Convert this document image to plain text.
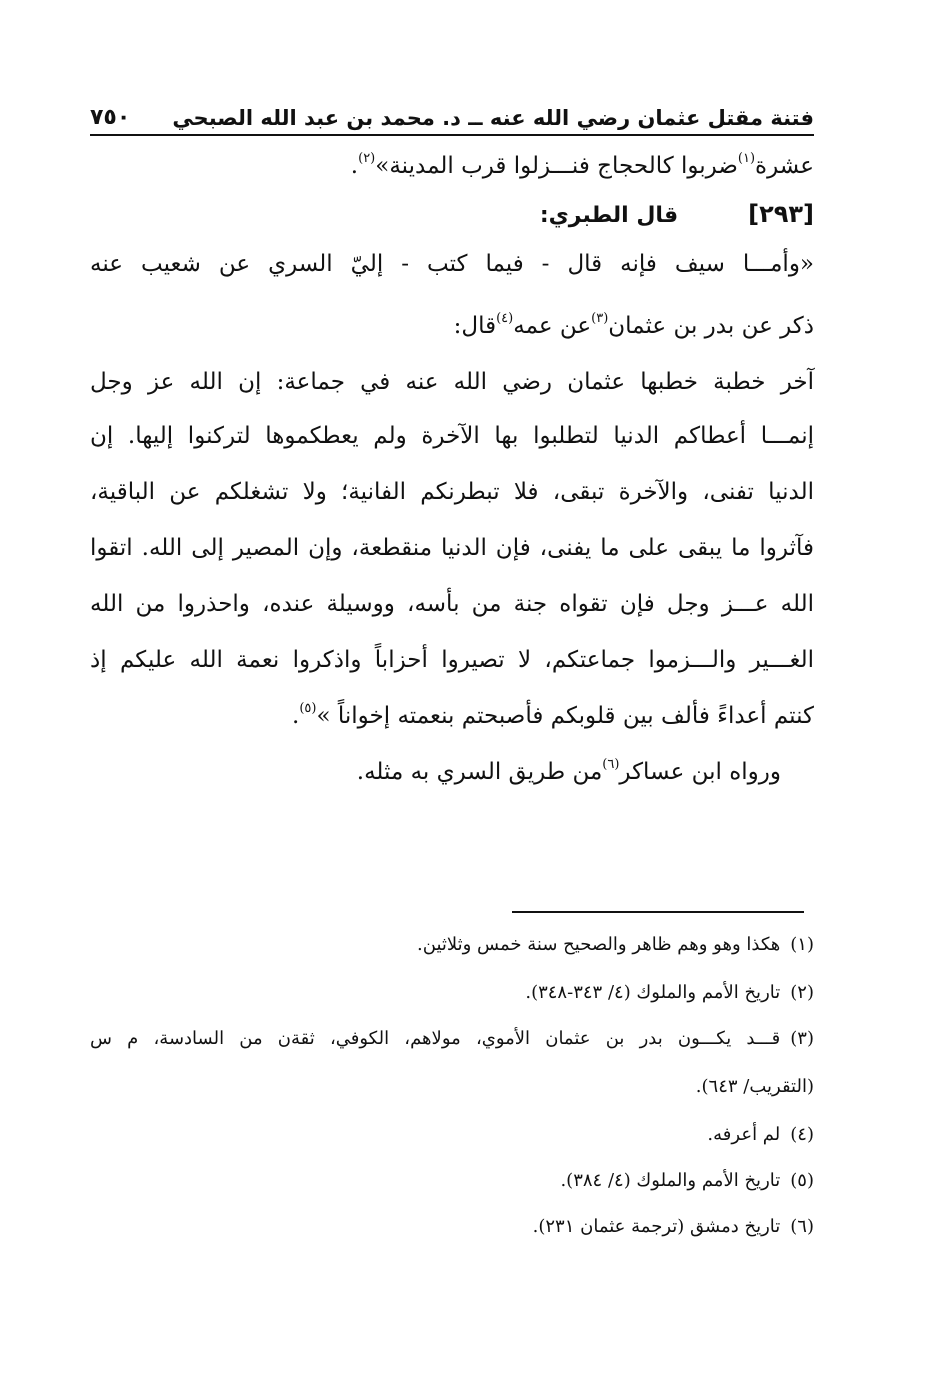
فتنة مقتل عثمان رضي الله عنه ــ د. محمد بن عبد الله الصبحي
٧٥٠
عشرة$^{(١)}$ضربوا كالحجاج فنـــزلوا قرب المدينة»$^{(٢)}$.
[٢٩٣]قال الطبري:
«وأمـــا سيف فإنه قال - فيما كتب - إليّ السري عن شعيب عنه
ذكر عن بدر بن عثمان$^{(٣)}$عن عمه$^{(٤)}$قال:
آخر خطبة خطبها عثمان رضي الله عنه في جماعة: إن الله عز وجل
إنمـــا أعطاكم الدنيا لتطلبوا بها الآخرة ولم يعطكموها لتركنوا إليها. إن
الدنيا تفنى، والآخرة تبقى، فلا تبطرنكم الفانية؛ ولا تشغلكم عن الباقية،
فآثروا ما يبقى على ما يفنى، فإن الدنيا منقطعة، وإن المصير إلى الله. اتقوا
الله عـــز وجل فإن تقواه جنة من بأسه، ووسيلة عنده، واحذروا من الله
الغـــير والـــزموا جماعتكم، لا تصيروا أحزاباً واذكروا نعمة الله عليكم إذ
كنتم أعداءً فألف بين قلوبكم فأصبحتم بنعمته إخواناً »$^{(٥)}$.
ورواه ابن عساكر$^{(٦)}$من طريق السري به مثله.
(١)هكذا وهو وهم ظاهر والصحيح سنة خمس وثلاثين.
(٢)تاريخ الأمم والملوك (٤/ ٣٤٣-٣٤٨).
(٣)قـــد يكـــون بدر بن عثمان الأموي، مولاهم، الكوفي، ثقةن من السادسة، م س
(التقريب/ ٦٤٣).
(٤)لم أعرفه.
(٥)تاريخ الأمم والملوك (٤/ ٣٨٤).
(٦)تاريخ دمشق (ترجمة عثمان ٢٣١).
